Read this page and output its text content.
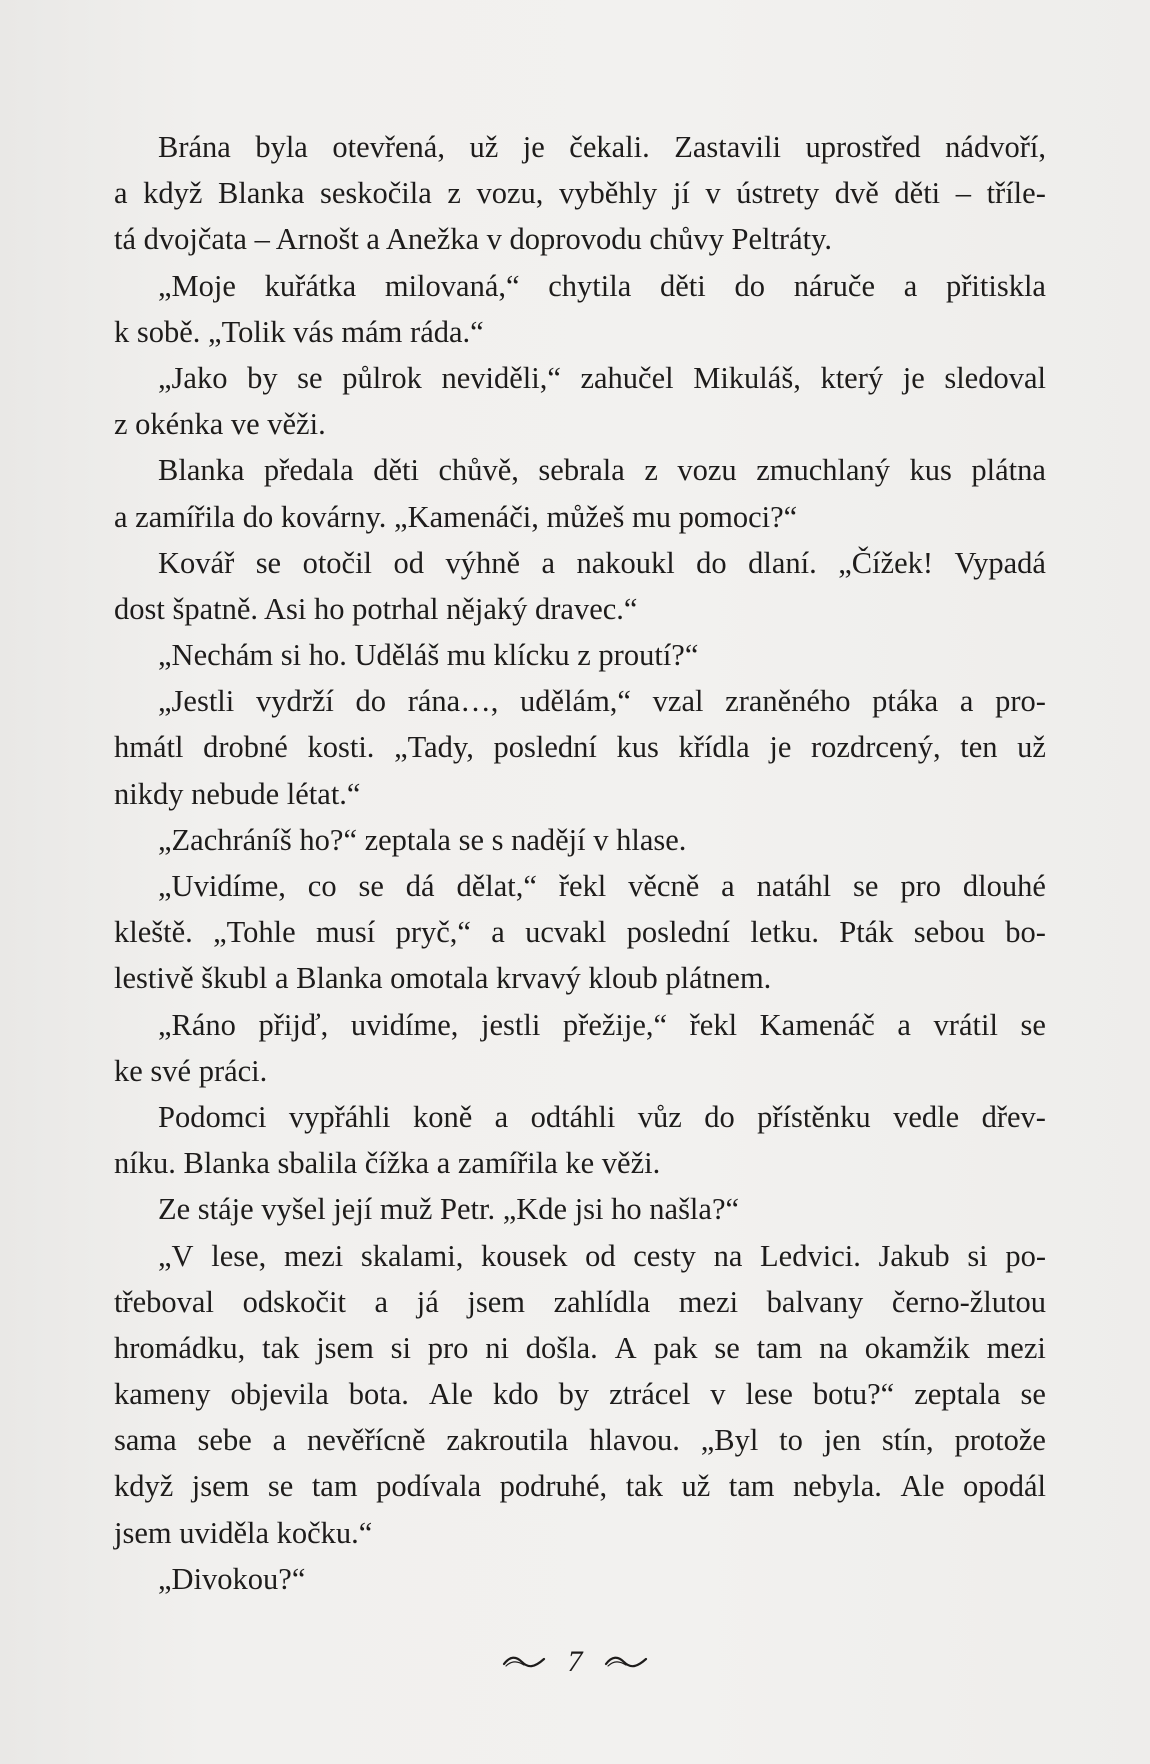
Brána byla otevřená, už je čekali. Zastavili uprostřed nádvoří,
a když Blanka seskočila z vozu, vyběhly jí v ústrety dvě děti – tříle-
tá dvojčata – Arnošt a Anežka v doprovodu chůvy Peltráty.
„Moje kuřátka milovaná,“ chytila děti do náruče a přitiskla
k sobě. „Tolik vás mám ráda.“
„Jako by se půlrok neviděli,“ zahučel Mikuláš, který je sledoval
z okénka ve věži.
Blanka předala děti chůvě, sebrala z vozu zmuchlaný kus plátna
a zamířila do kovárny. „Kamenáči, můžeš mu pomoci?“
Kovář se otočil od výhně a nakoukl do dlaní. „Čížek! Vypadá
dost špatně. Asi ho potrhal nějaký dravec.“
„Nechám si ho. Uděláš mu klícku z proutí?“
„Jestli vydrží do rána…, udělám,“ vzal zraněného ptáka a pro-
hmátl drobné kosti. „Tady, poslední kus křídla je rozdrcený, ten už
nikdy nebude létat.“
„Zachráníš ho?“ zeptala se s nadějí v hlase.
„Uvidíme, co se dá dělat,“ řekl věcně a natáhl se pro dlouhé
kleště. „Tohle musí pryč,“ a ucvakl poslední letku. Pták sebou bo-
lestivě škubl a Blanka omotala krvavý kloub plátnem.
„Ráno přijď, uvidíme, jestli přežije,“ řekl Kamenáč a vrátil se
ke své práci.
Podomci vypřáhli koně a odtáhli vůz do přístěnku vedle dřev-
níku. Blanka sbalila čížka a zamířila ke věži.
Ze stáje vyšel její muž Petr. „Kde jsi ho našla?“
„V lese, mezi skalami, kousek od cesty na Ledvici. Jakub si po-
třeboval odskočit a já jsem zahlídla mezi balvany černo-žlutou
hromádku, tak jsem si pro ni došla. A pak se tam na okamžik mezi
kameny objevila bota. Ale kdo by ztrácel v lese botu?“ zeptala se
sama sebe a nevěřícně zakroutila hlavou. „Byl to jen stín, protože
když jsem se tam podívala podruhé, tak už tam nebyla. Ale opodál
jsem uviděla kočku.“
„Divokou?“
7
